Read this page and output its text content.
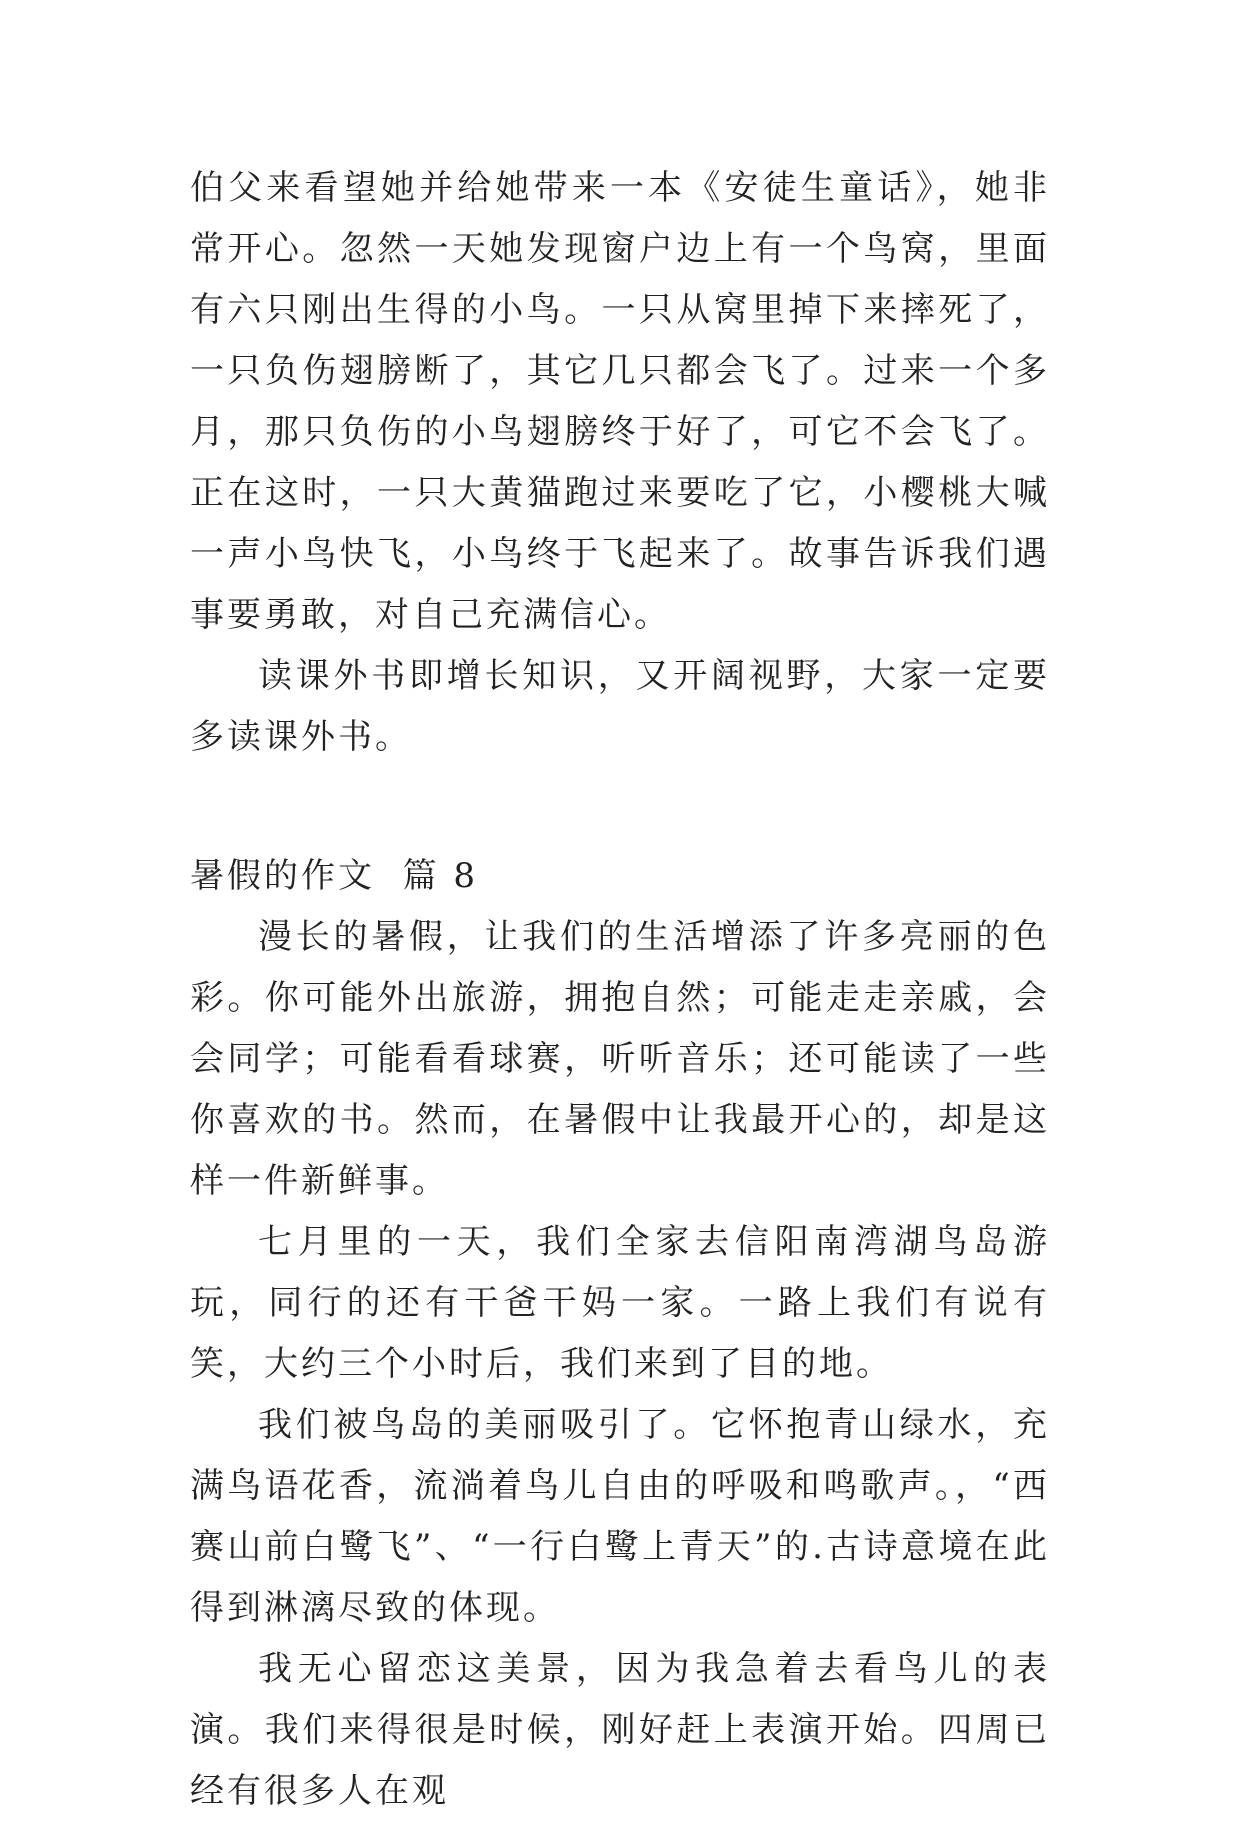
伯父来看望她并给她带来一本《安徒生童话》，她非常开心。忽然一天她发现窗户边上有一个鸟窝，里面有六只刚出生得的小鸟。一只从窝里掉下来摔死了，一只负伤翅膀断了，其它几只都会飞了。过来一个多月，那只负伤的小鸟翅膀终于好了，可它不会飞了。正在这时，一只大黄猫跑过来要吃了它，小樱桃大喊一声小鸟快飞，小鸟终于飞起来了。故事告诉我们遇事要勇敢，对自己充满信心。

读课外书即增长知识，又开阔视野，大家一定要多读课外书。

暑假的作文  篇 8

漫长的暑假，让我们的生活增添了许多亮丽的色彩。你可能外出旅游，拥抱自然；可能走走亲戚，会会同学；可能看看球赛，听听音乐；还可能读了一些你喜欢的书。然而，在暑假中让我最开心的，却是这样一件新鲜事。

七月里的一天，我们全家去信阳南湾湖鸟岛游玩，同行的还有干爸干妈一家。一路上我们有说有笑，大约三个小时后，我们来到了目的地。

我们被鸟岛的美丽吸引了。它怀抱青山绿水，充满鸟语花香，流淌着鸟儿自由的呼吸和鸣歌声。，“西赛山前白鹭飞”、“一行白鹭上青天”的.古诗意境在此得到淋漓尽致的体现。

我无心留恋这美景，因为我急着去看鸟儿的表演。我们来得很是时候，刚好赶上表演开始。四周已经有很多人在观
